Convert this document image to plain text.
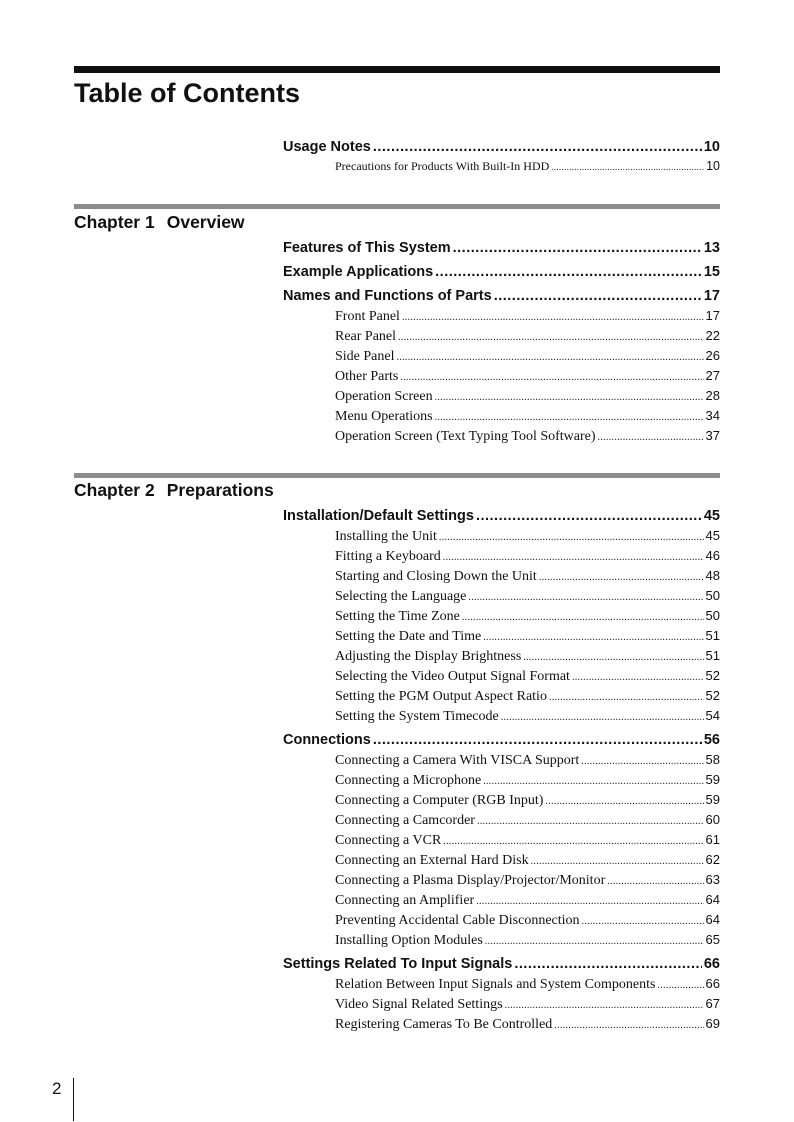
Table of Contents
Usage Notes .....	10
Precautions for Products With Built-In HDD .....	10
Chapter 1 Overview
Features of This System .....	13
Example Applications .....	15
Names and Functions of Parts .....	17
Front Panel .....	17
Rear Panel .....	22
Side Panel .....	26
Other Parts .....	27
Operation Screen .....	28
Menu Operations .....	34
Operation Screen (Text Typing Tool Software) .....	37
Chapter 2 Preparations
Installation/Default Settings .....	45
Installing the Unit .....	45
Fitting a Keyboard .....	46
Starting and Closing Down the Unit .....	48
Selecting the Language .....	50
Setting the Time Zone .....	50
Setting the Date and Time .....	51
Adjusting the Display Brightness .....	51
Selecting the Video Output Signal Format .....	52
Setting the PGM Output Aspect Ratio .....	52
Setting the System Timecode .....	54
Connections .....	56
Connecting a Camera With VISCA Support .....	58
Connecting a Microphone .....	59
Connecting a Computer (RGB Input) .....	59
Connecting a Camcorder .....	60
Connecting a VCR .....	61
Connecting an External Hard Disk .....	62
Connecting a Plasma Display/Projector/Monitor .....	63
Connecting an Amplifier .....	64
Preventing Accidental Cable Disconnection .....	64
Installing Option Modules .....	65
Settings Related To Input Signals .....	66
Relation Between Input Signals and System Components .....	66
Video Signal Related Settings .....	67
Registering Cameras To Be Controlled .....	69
2
